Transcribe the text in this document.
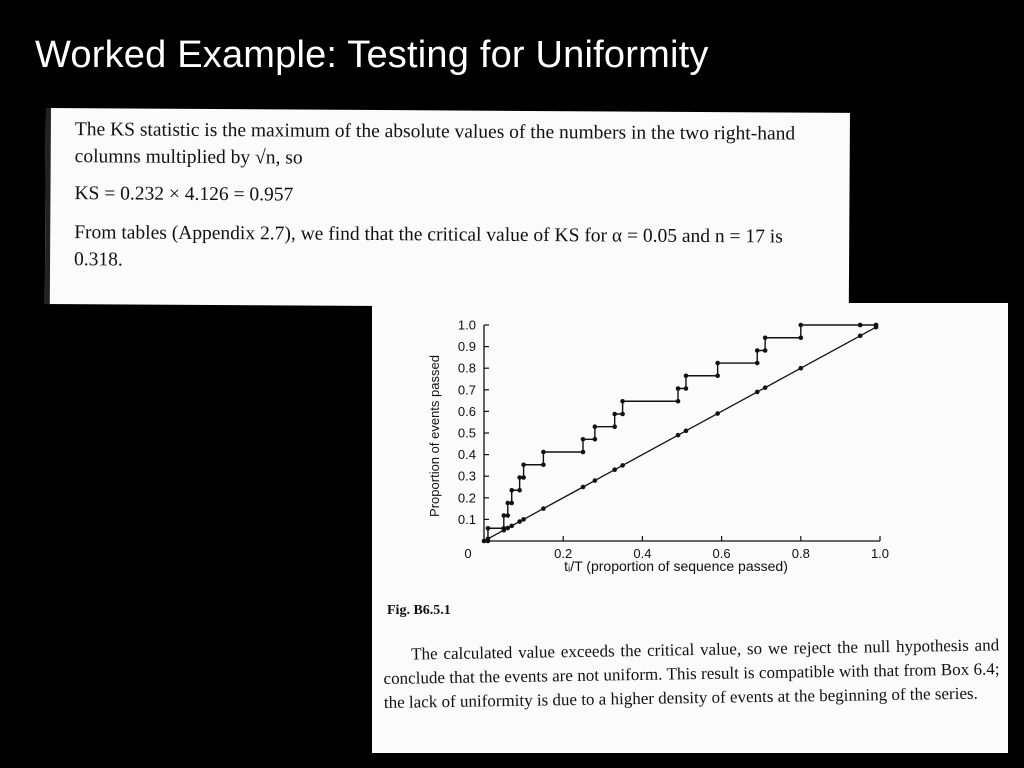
Worked Example: Testing for Uniformity

The KS statistic is the maximum of the absolute values of the numbers in the two right-hand columns multiplied by √n, so

KS = 0.232 × 4.126 = 0.957

From tables (Appendix 2.7), we find that the critical value of KS for α = 0.05 and n = 17 is 0.318.

0.2	0.4	0.6	0.8	1.0
0.1
0.2
0.3
0.4
0.5
0.6
0.7
0.8
0.9
1.0
Proportion of events passed
tᵢ/T (proportion of sequence passed)
0

Fig. B6.5.1

The calculated value exceeds the critical value, so we reject the null hypothesis and conclude that the events are not uniform. This result is compatible with that from Box 6.4; the lack of uniformity is due to a higher density of events at the beginning of the series.
